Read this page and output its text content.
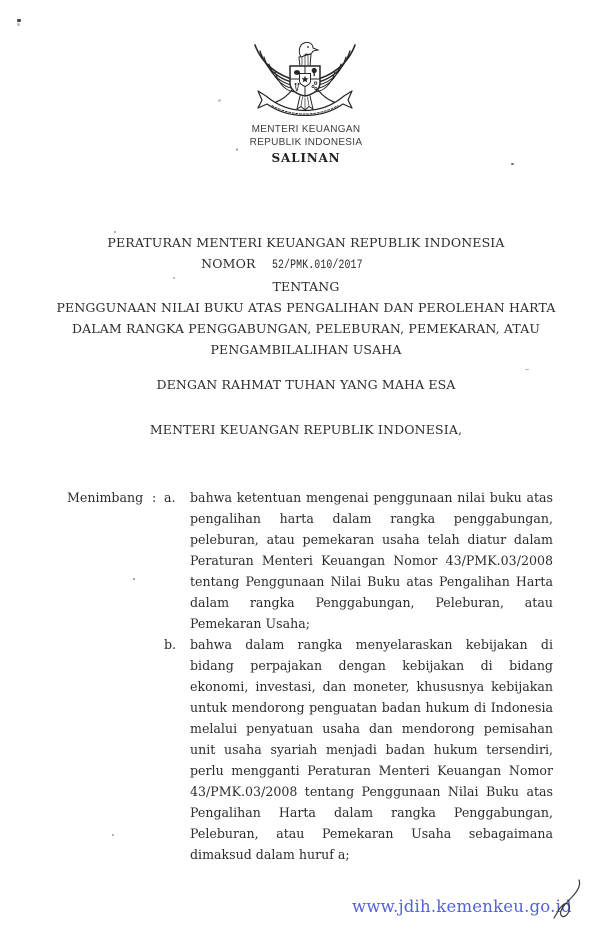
MENTERI KEUANGAN
REPUBLIK INDONESIA
SALINAN
PERATURAN MENTERI KEUANGAN REPUBLIK INDONESIA
NOMOR 52/PMK.010/2017
TENTANG
PENGGUNAAN NILAI BUKU ATAS PENGALIHAN DAN PEROLEHAN HARTA
DALAM RANGKA PENGGABUNGAN, PELEBURAN, PEMEKARAN, ATAU
PENGAMBILALIHAN USAHA
DENGAN RAHMAT TUHAN YANG MAHA ESA
MENTERI KEUANGAN REPUBLIK INDONESIA,
Menimbang : a.	bahwa ketentuan mengenai penggunaan nilai buku atas pengalihan harta dalam rangka penggabungan, peleburan, atau pemekaran usaha telah diatur dalam Peraturan Menteri Keuangan Nomor 43/PMK.03/2008 tentang Penggunaan Nilai Buku atas Pengalihan Harta dalam rangka Penggabungan, Peleburan, atau Pemekaran Usaha;
b.	bahwa dalam rangka menyelaraskan kebijakan di bidang perpajakan dengan kebijakan di bidang ekonomi, investasi, dan moneter, khususnya kebijakan untuk mendorong penguatan badan hukum di Indonesia melalui penyatuan usaha dan mendorong pemisahan unit usaha syariah menjadi badan hukum tersendiri, perlu mengganti Peraturan Menteri Keuangan Nomor 43/PMK.03/2008 tentang Penggunaan Nilai Buku atas Pengalihan Harta dalam rangka Penggabungan, Peleburan, atau Pemekaran Usaha sebagaimana dimaksud dalam huruf a;
www.jdih.kemenkeu.go.id
